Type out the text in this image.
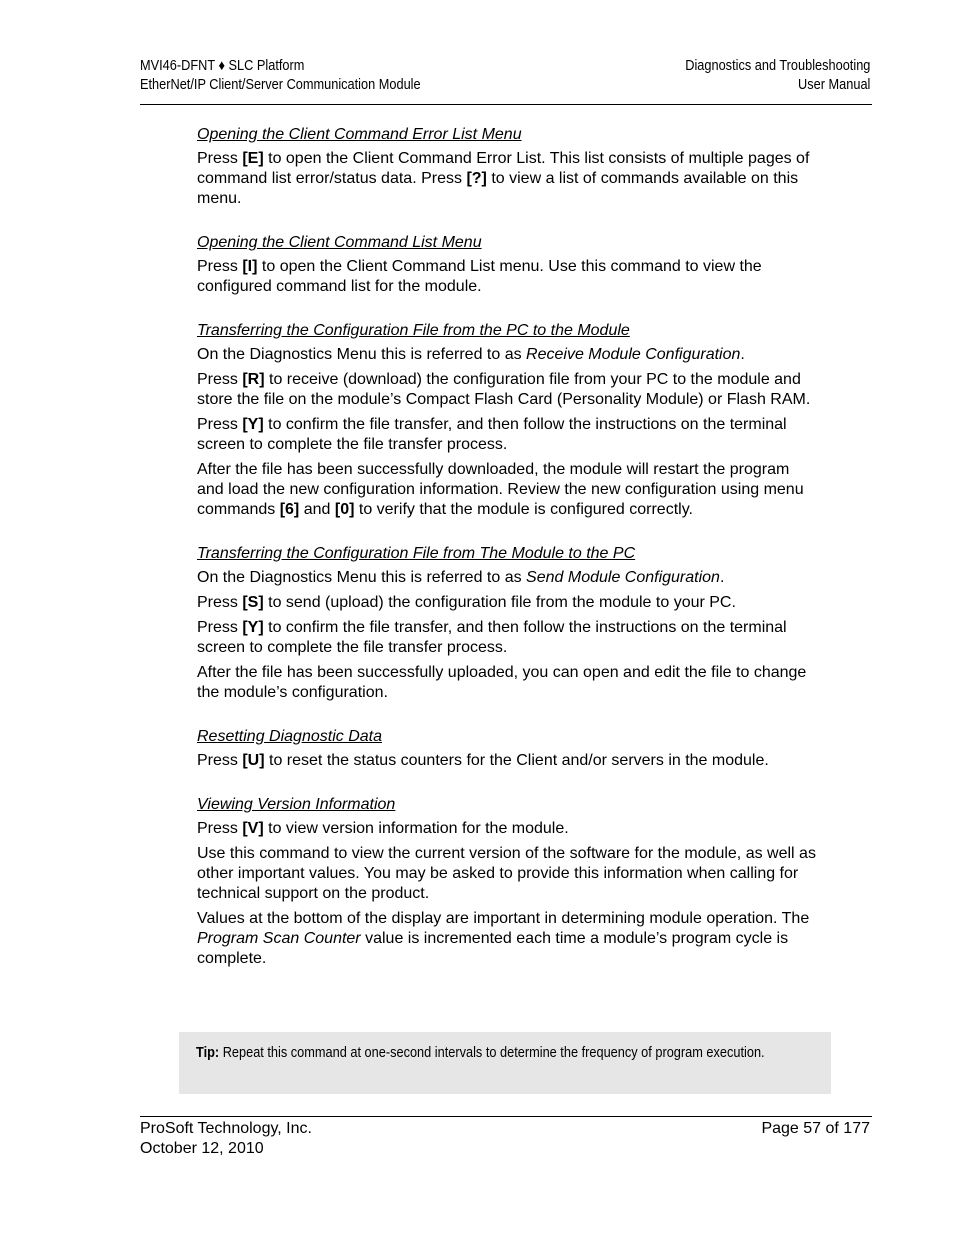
MVI46-DFNT ♦ SLC Platform
EtherNet/IP Client/Server Communication Module
Diagnostics and Troubleshooting
User Manual
Opening the Client Command Error List Menu
Press [E] to open the Client Command Error List. This list consists of multiple pages of command list error/status data. Press [?] to view a list of commands available on this menu.
Opening the Client Command List Menu
Press [I] to open the Client Command List menu. Use this command to view the configured command list for the module.
Transferring the Configuration File from the PC to the Module
On the Diagnostics Menu this is referred to as Receive Module Configuration.
Press [R] to receive (download) the configuration file from your PC to the module and store the file on the module’s Compact Flash Card (Personality Module) or Flash RAM.
Press [Y] to confirm the file transfer, and then follow the instructions on the terminal screen to complete the file transfer process.
After the file has been successfully downloaded, the module will restart the program and load the new configuration information. Review the new configuration using menu commands [6] and [0] to verify that the module is configured correctly.
Transferring the Configuration File from The Module to the PC
On the Diagnostics Menu this is referred to as Send Module Configuration.
Press [S] to send (upload) the configuration file from the module to your PC.
Press [Y] to confirm the file transfer, and then follow the instructions on the terminal screen to complete the file transfer process.
After the file has been successfully uploaded, you can open and edit the file to change the module’s configuration.
Resetting Diagnostic Data
Press [U] to reset the status counters for the Client and/or servers in the module.
Viewing Version Information
Press [V] to view version information for the module.
Use this command to view the current version of the software for the module, as well as other important values. You may be asked to provide this information when calling for technical support on the product.
Values at the bottom of the display are important in determining module operation. The Program Scan Counter value is incremented each time a module’s program cycle is complete.
Tip: Repeat this command at one-second intervals to determine the frequency of program execution.
ProSoft Technology, Inc.
October 12, 2010
Page 57 of 177
